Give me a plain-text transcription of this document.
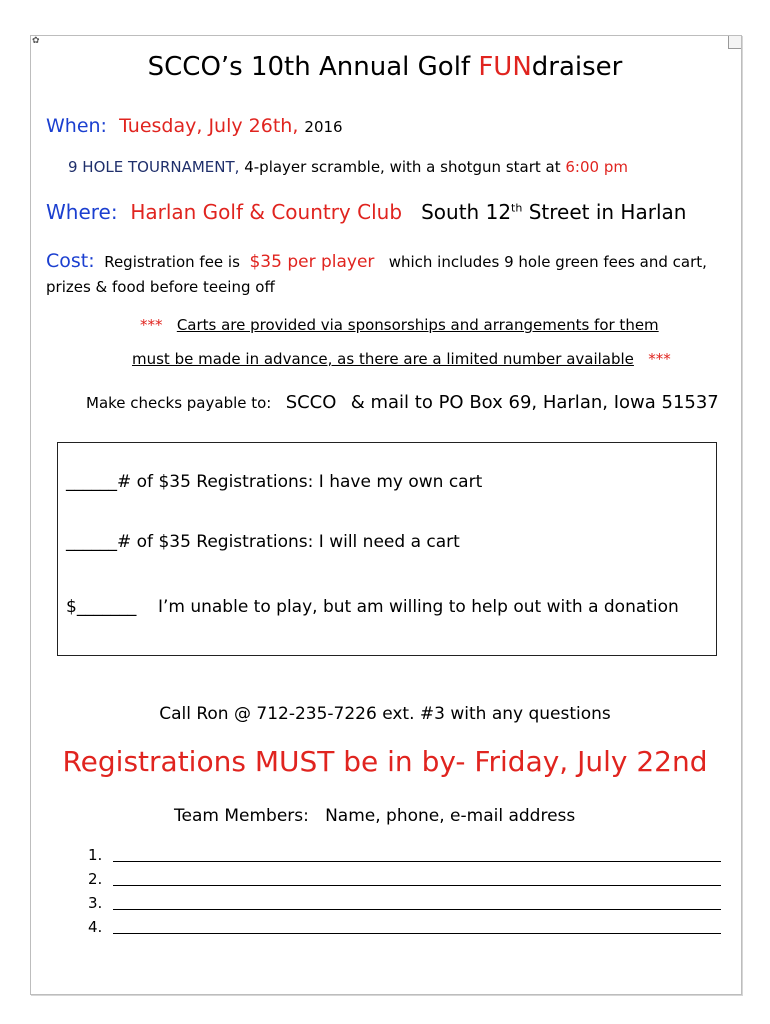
✿
SCCO’s 10th Annual Golf FUNdraiser
When: Tuesday, July 26th, 2016
9 HOLE TOURNAMENT, 4-player scramble, with a shotgun start at 6:00 pm
Where: Harlan Golf & Country Club South 12th Street in Harlan
Cost: Registration fee is $35 per player which includes 9 hole green fees and cart,
prizes & food before teeing off
*** Carts are provided via sponsorships and arrangements for them
must be made in advance, as there are a limited number available ***
Make checks payable to: SCCO & mail to PO Box 69, Harlan, Iowa 51537
______# of $35 Registrations: I have my own cart
______# of $35 Registrations: I will need a cart
$_______ I’m unable to play, but am willing to help out with a donation
Call Ron @ 712-235-7226 ext. #3 with any questions
Registrations MUST be in by- Friday, July 22nd
Team Members: Name, phone, e-mail address
1.
2.
3.
4.
